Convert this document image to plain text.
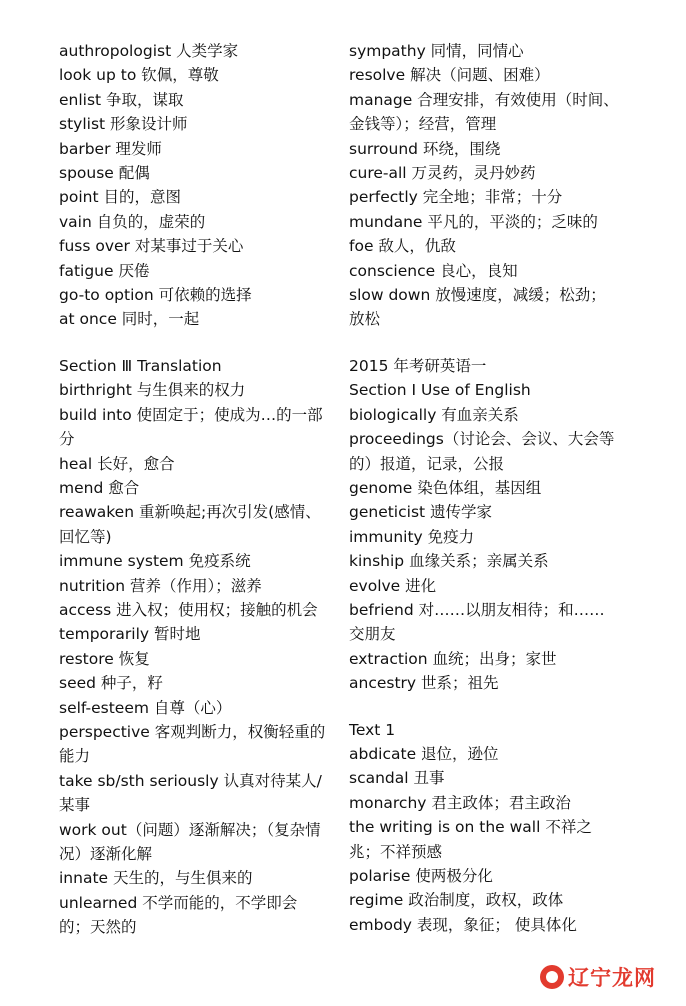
authropologist 人类学家

look up to 钦佩，尊敬

enlist 争取，谋取

stylist 形象设计师

barber 理发师

spouse 配偶

point 目的，意图

vain 自负的，虚荣的

fuss over 对某事过于关心

fatigue 厌倦

go-to option 可依赖的选择

at once 同时，一起

Section Ⅲ Translation

birthright 与生俱来的权力

build into 使固定于；使成为…的一部分

heal 长好，愈合

mend 愈合

reawaken 重新唤起;再次引发(感情、回忆等)

immune system 免疫系统

nutrition 营养（作用）；滋养

access 进入权；使用权；接触的机会

temporarily 暂时地

restore 恢复

seed 种子，籽

self-esteem 自尊（心）

perspective 客观判断力，权衡轻重的能力

take sb/sth seriously 认真对待某人/某事

work out（问题）逐渐解决；（复杂情况）逐渐化解

innate 天生的，与生俱来的

unlearned 不学而能的，不学即会的；天然的

sympathy 同情，同情心

resolve 解决（问题、困难）

manage 合理安排，有效使用（时间、金钱等）；经营，管理

surround 环绕，围绕

cure-all 万灵药，灵丹妙药

perfectly 完全地；非常；十分

mundane 平凡的，平淡的；乏味的

foe 敌人，仇敌

conscience 良心，良知

slow down 放慢速度，减缓；松劲；放松

2015 年考研英语一

Section Ⅰ Use of English

biologically 有血亲关系

proceedings（讨论会、会议、大会等的）报道，记录，公报

genome 染色体组，基因组

geneticist 遗传学家

immunity 免疫力

kinship 血缘关系；亲属关系

evolve 进化

befriend 对……以朋友相待；和……交朋友

extraction 血统；出身；家世

ancestry 世系；祖先

Text 1

abdicate 退位，逊位

scandal 丑事

monarchy 君主政体；君主政治

the writing is on the wall 不祥之兆；不祥预感

polarise 使两极分化

regime 政治制度，政权，政体

embody 表现，象征； 使具体化

辽宁龙网
